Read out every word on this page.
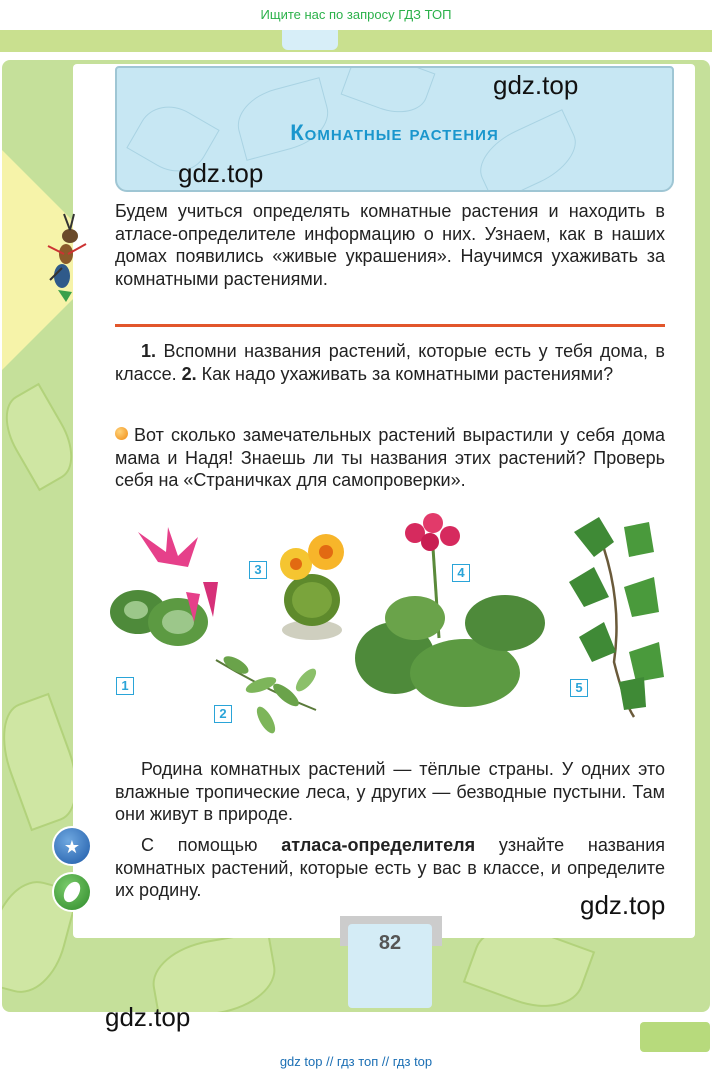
Ищите нас по запросу ГДЗ ТОП
Комнатные растения
gdz.top
gdz.top
Будем учиться определять комнатные растения и находить в атласе-определителе информацию о них. Узнаем, как в наших домах появились «живые украшения». Научимся ухаживать за комнатными растениями.
1. Вспомни названия растений, которые есть у тебя дома, в классе. 2. Как надо ухаживать за комнатными растениями?
Вот сколько замечательных растений вырастили у себя дома мама и Надя! Знаешь ли ты названия этих растений? Проверь себя на «Страничках для самопроверки».
1
2
3	4
5
Родина комнатных растений — тёплые страны. У одних это влажные тропические леса, у других — безводные пустыни. Там они живут в природе.
С помощью атласа-определителя узнайте названия комнатных растений, которые есть у вас в классе, и определите их родину.
★
gdz.top
82
gdz.top
gdz top // гдз топ // гдз top
